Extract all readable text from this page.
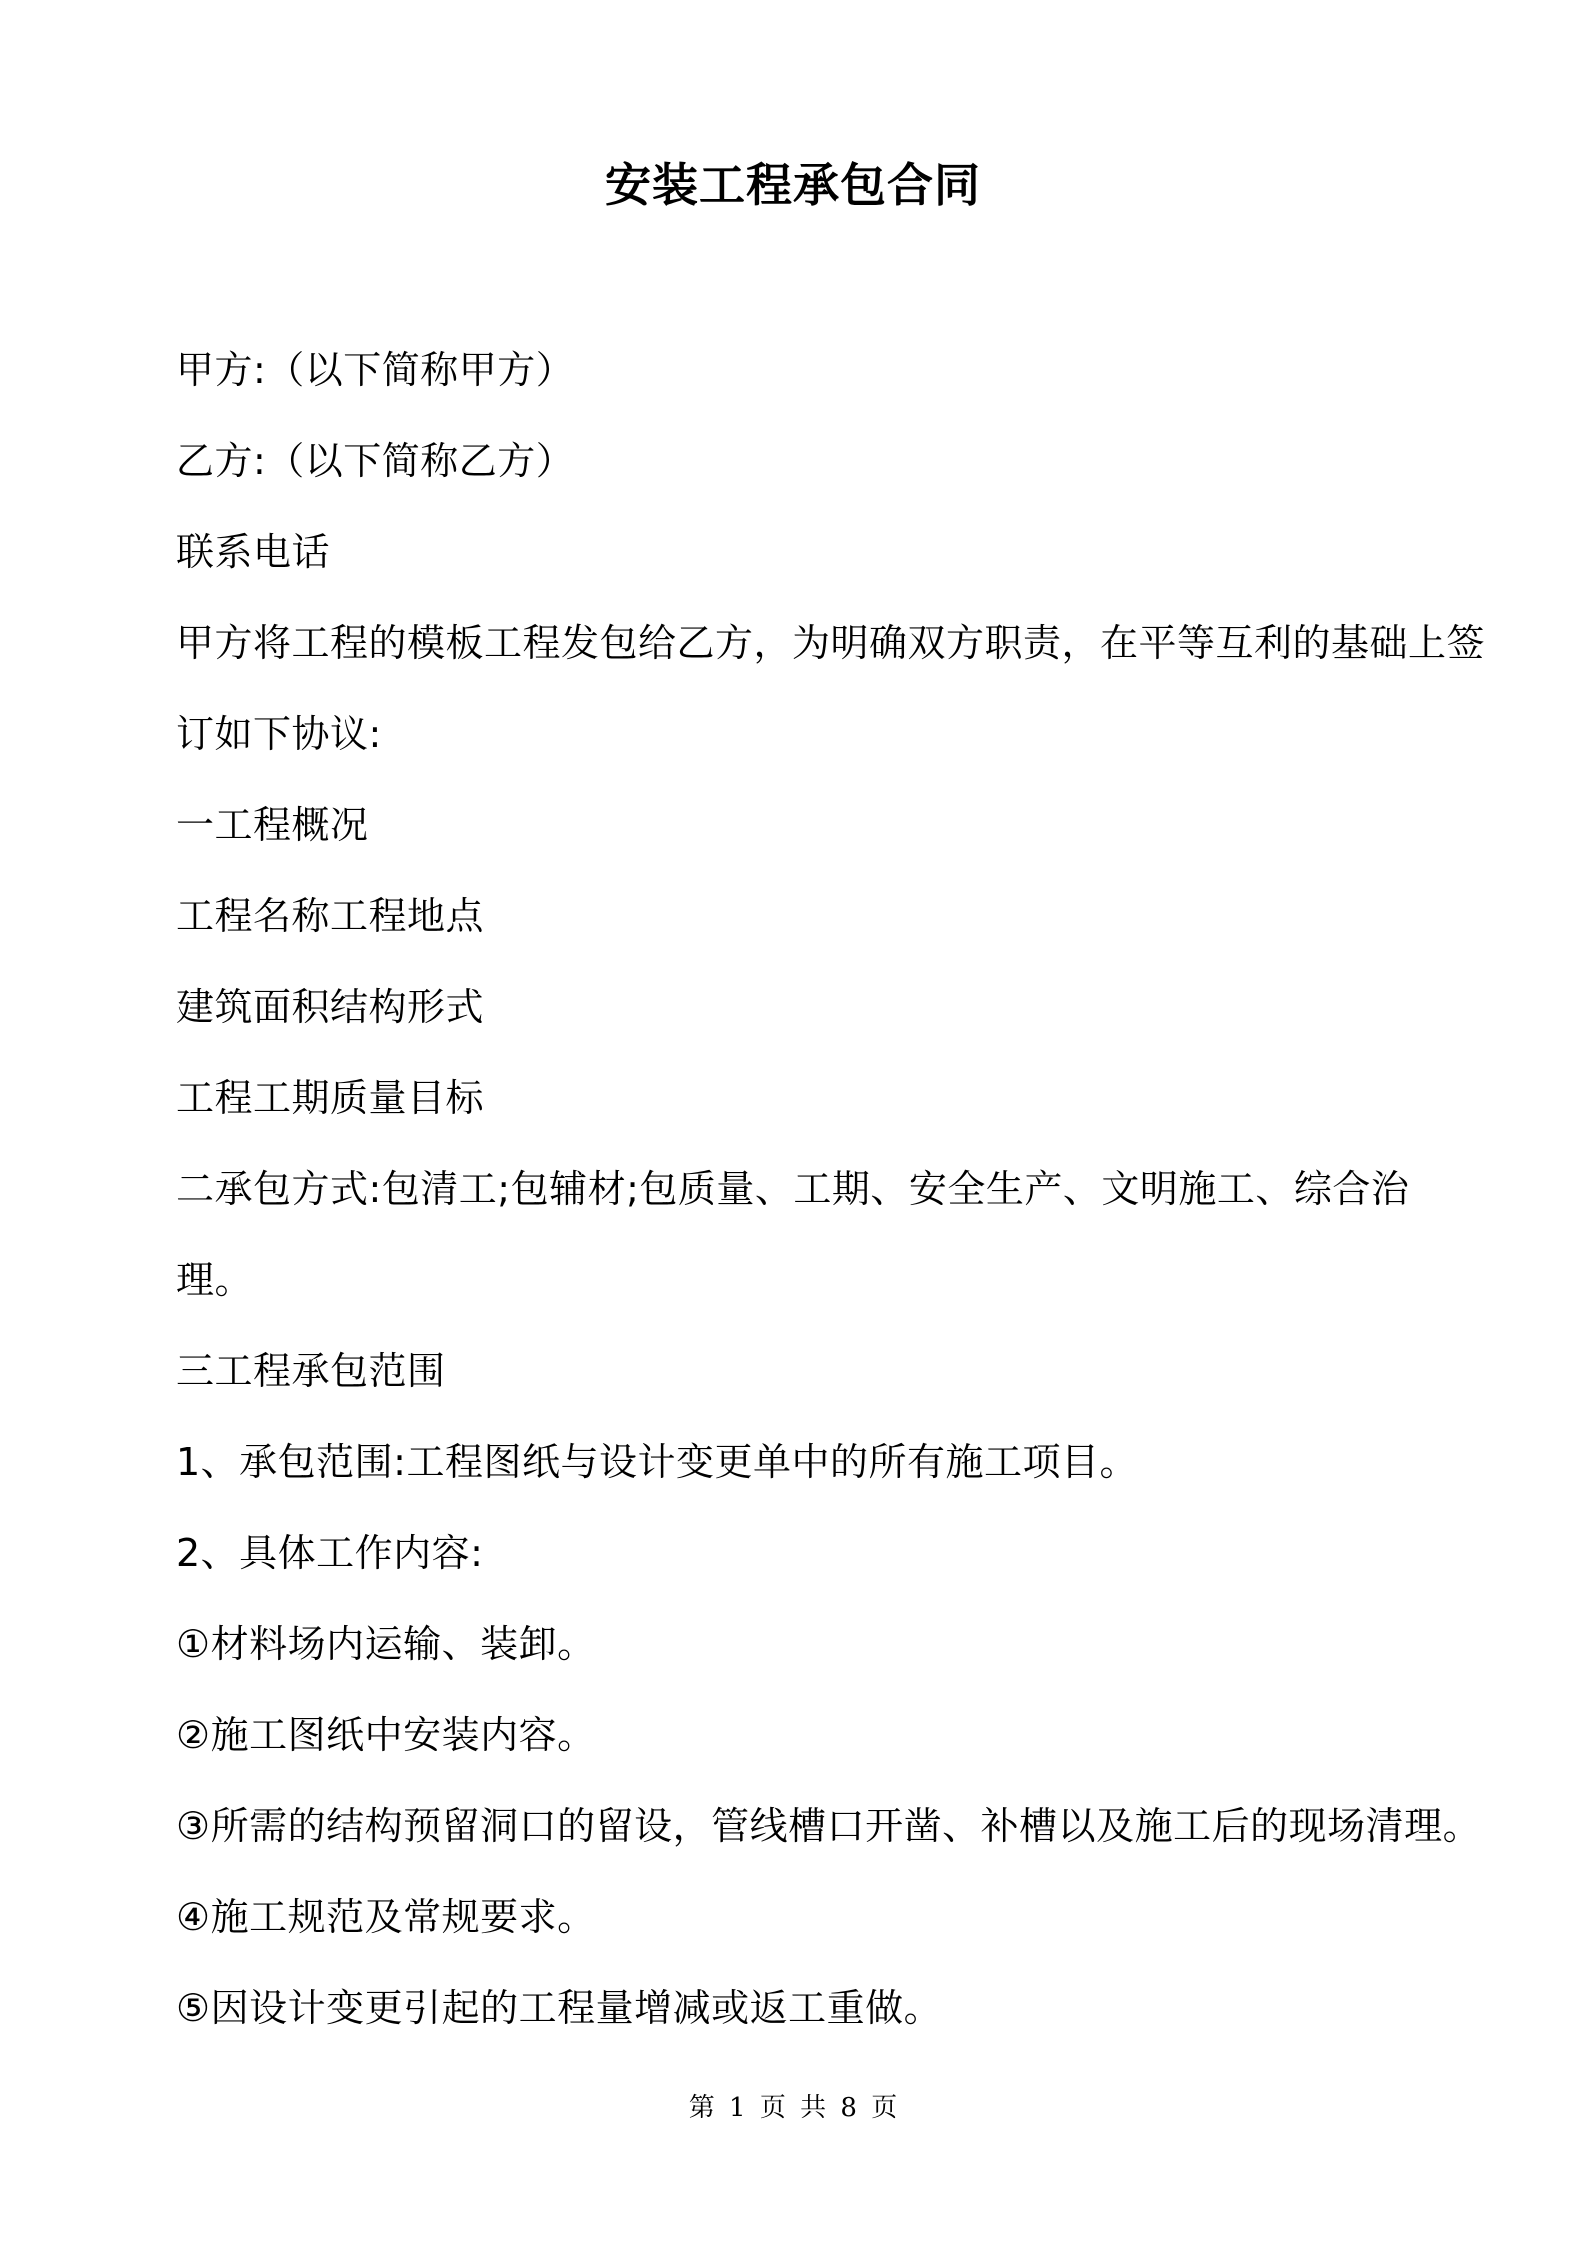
安装工程承包合同
甲方:（以下简称甲方）
乙方:（以下简称乙方）
联系电话
甲方将工程的模板工程发包给乙方，为明确双方职责，在平等互利的基础上签
订如下协议:
一工程概况
工程名称工程地点
建筑面积结构形式
工程工期质量目标
二承包方式:包清工;包辅材;包质量、工期、安全生产、文明施工、综合治
理。
三工程承包范围
1、承包范围:工程图纸与设计变更单中的所有施工项目。
2、具体工作内容:
①材料场内运输、装卸。
②施工图纸中安装内容。
③所需的结构预留洞口的留设，管线槽口开凿、补槽以及施工后的现场清理。
④施工规范及常规要求。
⑤因设计变更引起的工程量增减或返工重做。
第 1 页 共 8 页
